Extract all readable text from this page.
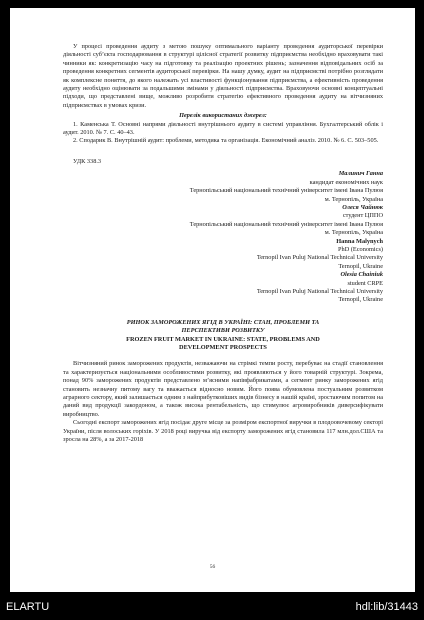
У процесі проведення аудиту з метою пошуку оптимального варіанту проведення аудиторської перевірки діяльності суб’єкта господарювання в структурі цілісної стратегії розвитку підприємства необхідно враховувати такі чинники як: конкретизацію часу на підготовку та реалізацію проектних рішень; зазначення відповідальних осіб за проведення конкретних сегментів аудиторської перевірки. На нашу думку, аудит на підприємстві потрібно розглядати як комплексне поняття, до якого належать усі властивості функціонування підприємства, а ефективність проведення аудиту необхідно оцінювати за подальшими змінами у діяльності підприємства. Враховуючи основні концептуальні підходи, що представлені вище, можливо розробити стратегію ефективного проведення аудиту на вітчизняних підприємствах в умовах кризи.

Перелік використаних джерел:

1. Каменська Т. Основні напрями діяльності внутрішнього аудиту в системі управління. Бухгалтерський облік і аудит. 2010. № 7. С. 40–43.

2. Сподарик В. Внутрішній аудит: проблеми, методика та організація. Економічний аналіз. 2010. № 6. С. 503–505.

УДК 338.3

Малинич Ганна
кандидат економічних наук
Тернопільський національний технічний університет імені Івана Пулюя
м. Тернопіль, Україна
Олеся Чайнюк
студент ЦППО
Тернопільський національний технічний університет імені Івана Пулюя
м. Тернопіль, Україна
Hanna Malynych
PhD (Economics)
Ternopil Ivan Puluj National Technical University
Ternopil, Ukraine
Olesia Chainiuk
student CRPE
Ternopil Ivan Puluj National Technical University
Ternopil, Ukraine
РИНОК ЗАМОРОЖЕНИХ ЯГІД В УКРАЇНІ: СТАН, ПРОБЛЕМИ ТА
ПЕРСПЕКТИВИ РОЗВИТКУ
FROZEN FRUIT MARKET IN UKRAINE: STATE, PROBLEMS AND
DEVELOPMENT PROSPECTS

Вітчизняний ринок заморожених продуктів, незважаючи на стрімкі темпи росту, перебуває на стадії становлення та характеризується національними особливостями розвитку, які проявляються у його товарній структурі. Зокрема, понад 90% заморожених продуктів представлено м’ясними напівфабрикатами, а сегмент ринку заморожених ягід становить незначну питому вагу та вважається відносно новим. Його поява обумовлена постуальним розвитком аграрного сектору, який залишається одним з найприбутковіших видів бізнесу в нашій країні, зростаючим попитом на даний вид продукції закордоном, а також висока рентабельність, що стимулює агровиробників диверсифікувати виробництво.

Сьогодні експорт заморожених ягід посідає друге місце за розміром експортної виручки в плодоовочевому секторі України, після волоських горіхів. У 2018 році виручка від експорту заморожених ягід становила 117 млн.дол.США та зросла на 28%, а за 2017-2018

56
ELARTU	hdl:lib/31443
